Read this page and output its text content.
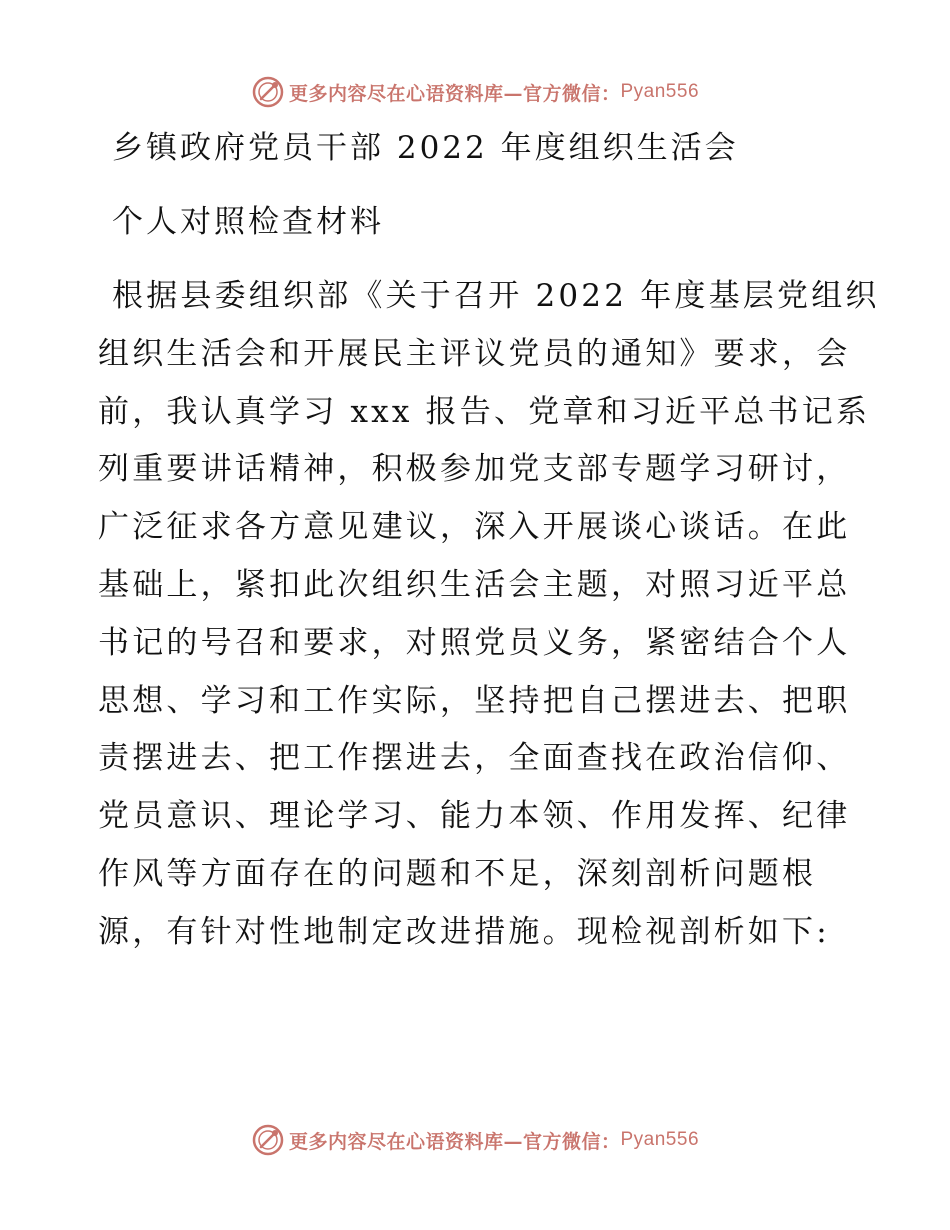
更多内容尽在心语资料库—官方微信： Pyan556
乡镇政府党员干部 2022 年度组织生活会
个人对照检查材料
根据县委组织部《关于召开 2022 年度基层党组织
组织生活会和开展民主评议党员的通知》要求，会
前，我认真学习 xxx 报告、党章和习近平总书记系
列重要讲话精神，积极参加党支部专题学习研讨，
广泛征求各方意见建议，深入开展谈心谈话。在此
基础上，紧扣此次组织生活会主题，对照习近平总
书记的号召和要求，对照党员义务，紧密结合个人
思想、学习和工作实际，坚持把自己摆进去、把职
责摆进去、把工作摆进去，全面查找在政治信仰、
党员意识、理论学习、能力本领、作用发挥、纪律
作风等方面存在的问题和不足，深刻剖析问题根
源，有针对性地制定改进措施。现检视剖析如下:
更多内容尽在心语资料库—官方微信： Pyan556
